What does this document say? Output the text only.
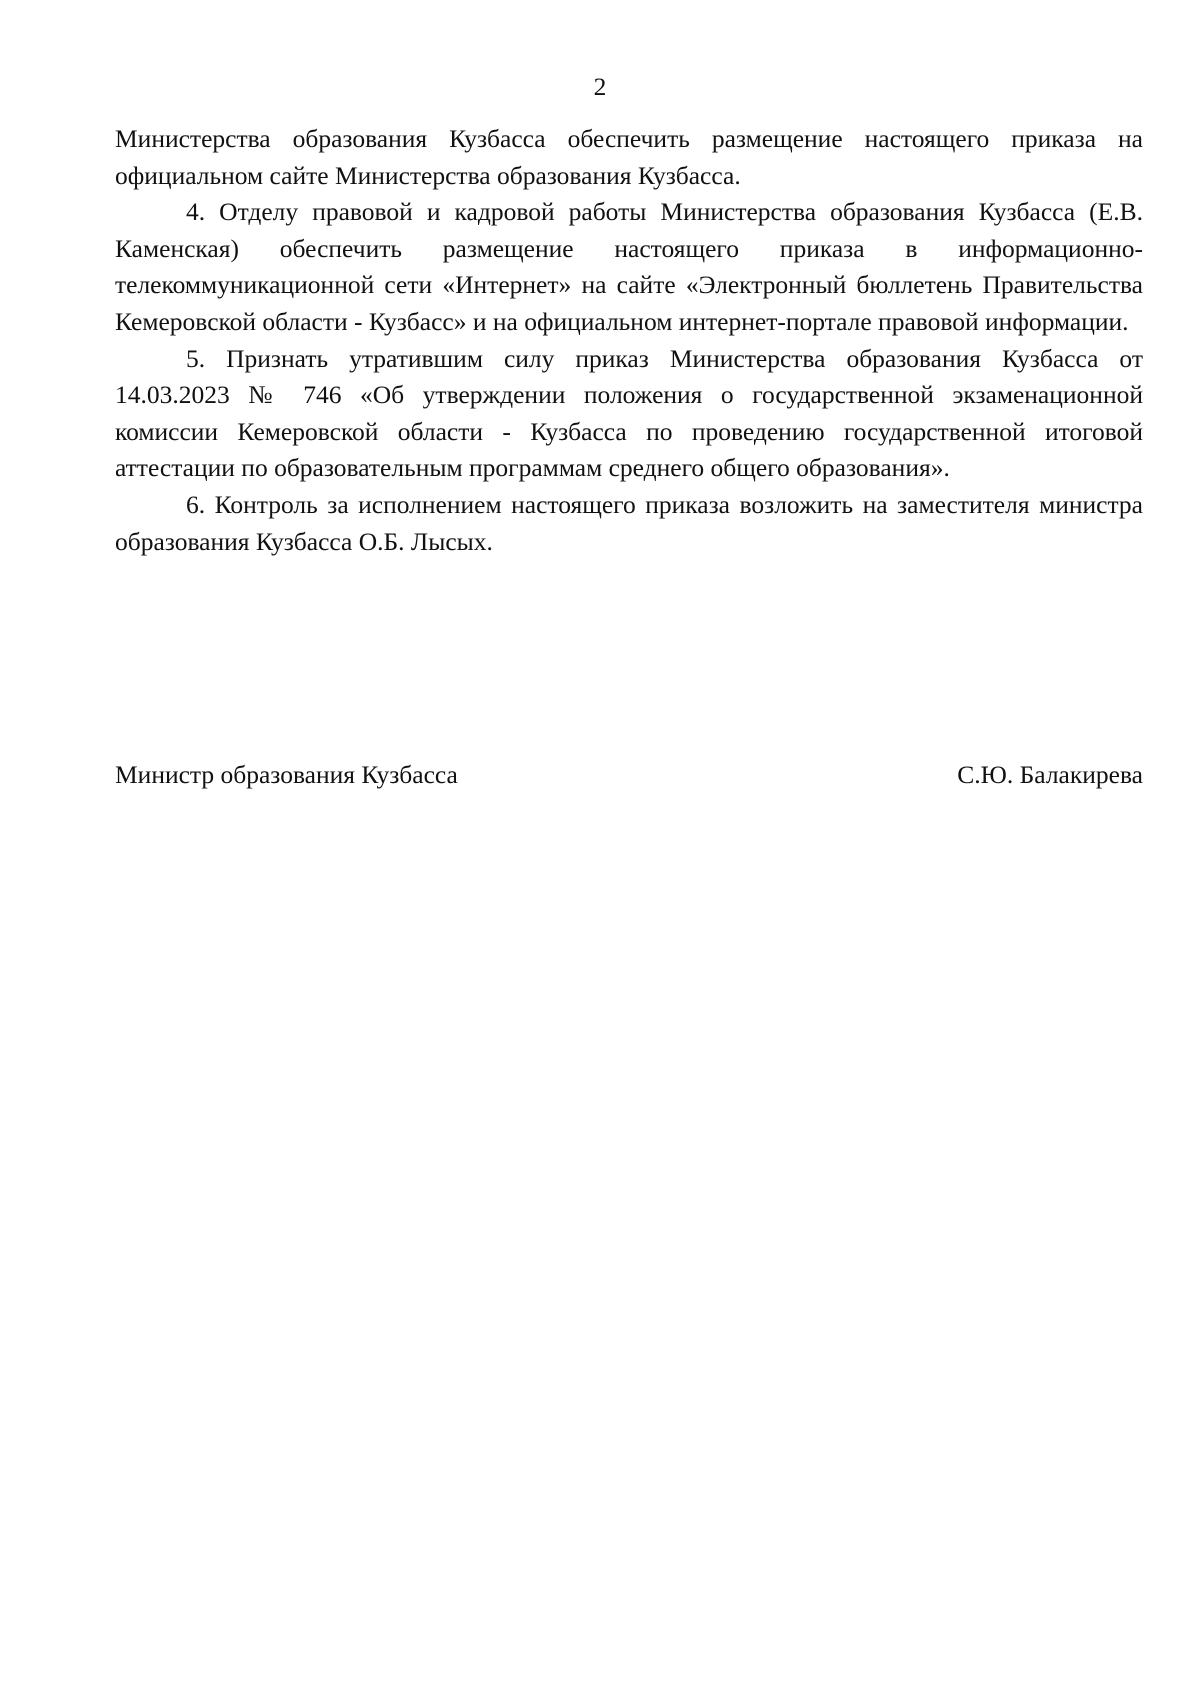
2

Министерства образования Кузбасса обеспечить размещение настоящего приказа на официальном сайте Министерства образования Кузбасса.

4. Отделу правовой и кадровой работы Министерства образования Кузбасса (Е.В. Каменская) обеспечить размещение настоящего приказа в информационно-телекоммуникационной сети «Интернет» на сайте «Электронный бюллетень Правительства Кемеровской области - Кузбасс» и на официальном интернет-портале правовой информации.

5. Признать утратившим силу приказ Министерства образования Кузбасса от 14.03.2023 № 746 «Об утверждении положения о государственной экзаменационной комиссии Кемеровской области - Кузбасса по проведению государственной итоговой аттестации по образовательным программам среднего общего образования».

6. Контроль за исполнением настоящего приказа возложить на заместителя министра образования Кузбасса О.Б. Лысых.

Министр образования Кузбасса	С.Ю. Балакирева
